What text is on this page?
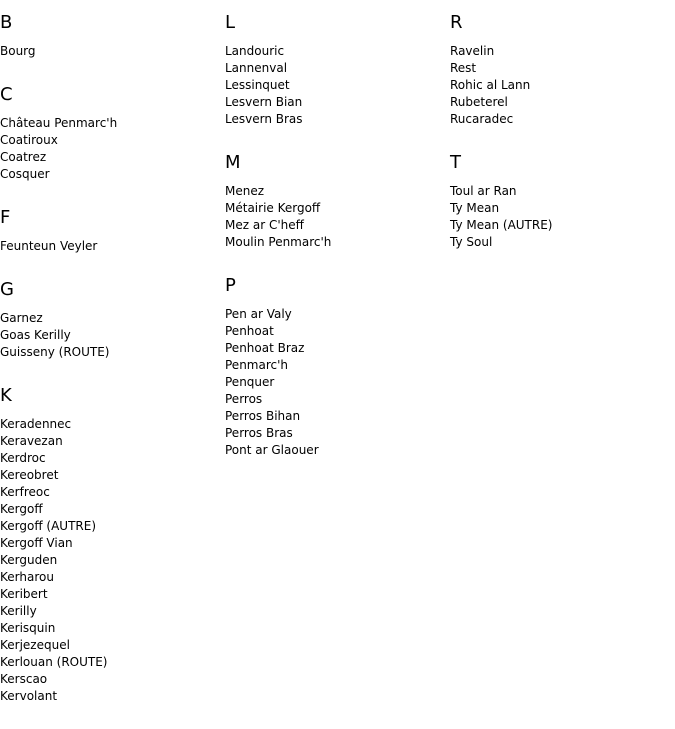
B
Bourg
C
Château Penmarc'h
Coatiroux
Coatrez
Cosquer
F
Feunteun Veyler
G
Garnez
Goas Kerilly
Guisseny (ROUTE)
K
Keradennec
Keravezan
Kerdroc
Kereobret
Kerfreoc
Kergoff
Kergoff (AUTRE)
Kergoff Vian
Kerguden
Kerharou
Keribert
Kerilly
Kerisquin
Kerjezequel
Kerlouan (ROUTE)
Kerscao
Kervolant
L
Landouric
Lannenval
Lessinquet
Lesvern Bian
Lesvern Bras
M
Menez
Métairie Kergoff
Mez ar C'heff
Moulin Penmarc'h
P
Pen ar Valy
Penhoat
Penhoat Braz
Penmarc'h
Penquer
Perros
Perros Bihan
Perros Bras
Pont ar Glaouer
R
Ravelin
Rest
Rohic al Lann
Rubeterel
Rucaradec
T
Toul ar Ran
Ty Mean
Ty Mean (AUTRE)
Ty Soul
